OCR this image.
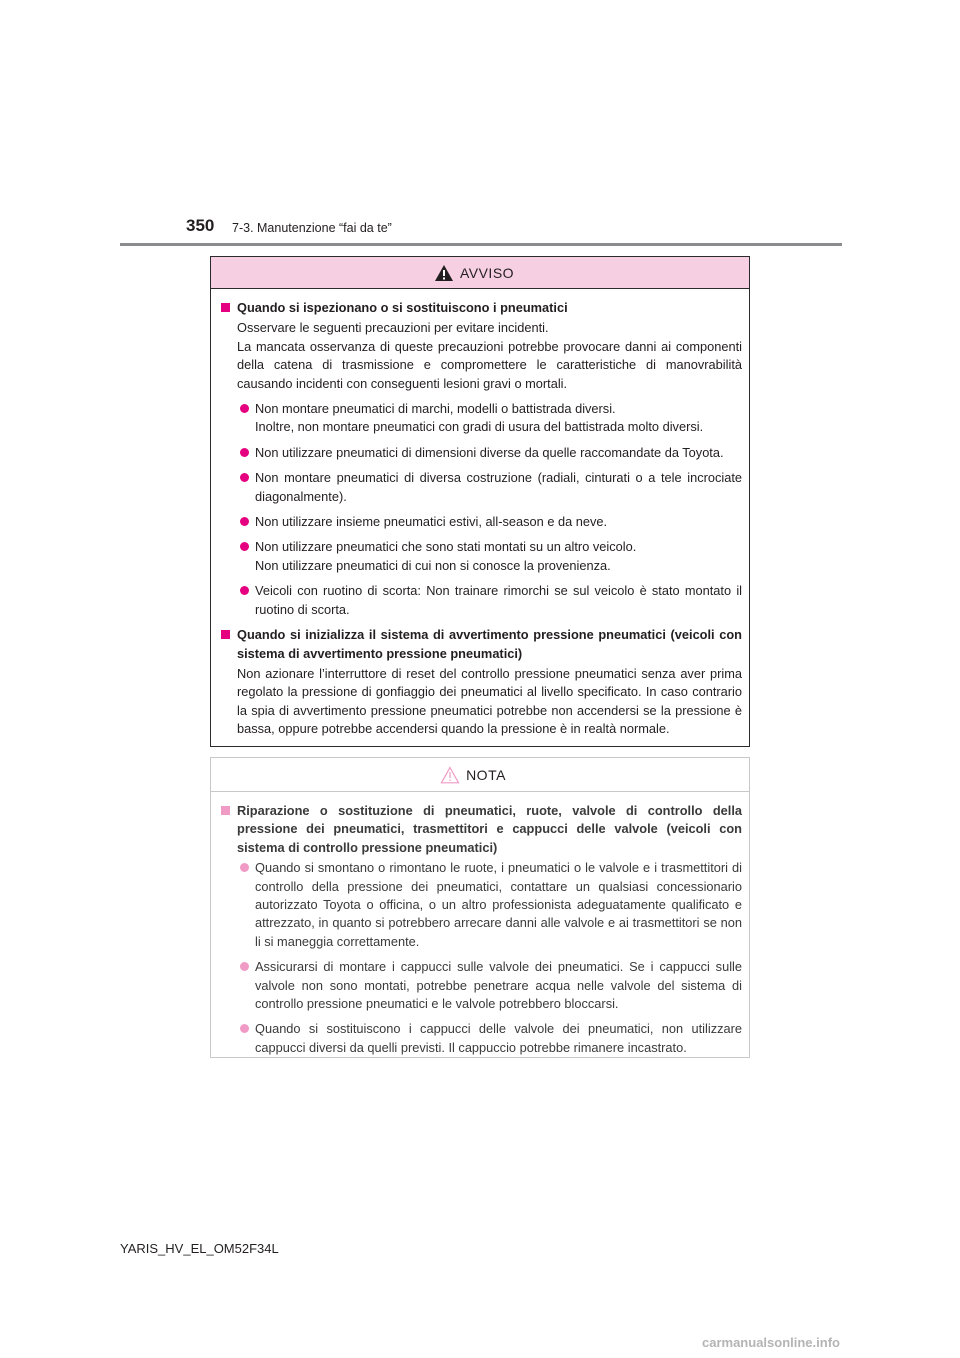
350 7-3. Manutenzione “fai da te”
AVVISO
Quando si ispezionano o si sostituiscono i pneumatici
Osservare le seguenti precauzioni per evitare incidenti.
La mancata osservanza di queste precauzioni potrebbe provocare danni ai componenti della catena di trasmissione e compromettere le caratteristiche di manovrabilità causando incidenti con conseguenti lesioni gravi o mortali.
Non montare pneumatici di marchi, modelli o battistrada diversi.
Inoltre, non montare pneumatici con gradi di usura del battistrada molto diversi.
Non utilizzare pneumatici di dimensioni diverse da quelle raccomandate da Toyota.
Non montare pneumatici di diversa costruzione (radiali, cinturati o a tele incrociate diagonalmente).
Non utilizzare insieme pneumatici estivi, all-season e da neve.
Non utilizzare pneumatici che sono stati montati su un altro veicolo.
Non utilizzare pneumatici di cui non si conosce la provenienza.
Veicoli con ruotino di scorta: Non trainare rimorchi se sul veicolo è stato montato il ruotino di scorta.
Quando si inizializza il sistema di avvertimento pressione pneumatici (veicoli con sistema di avvertimento pressione pneumatici)
Non azionare l’interruttore di reset del controllo pressione pneumatici senza aver prima regolato la pressione di gonfiaggio dei pneumatici al livello specificato. In caso contrario la spia di avvertimento pressione pneumatici potrebbe non accendersi se la pressione è bassa, oppure potrebbe accendersi quando la pressione è in realtà normale.
NOTA
Riparazione o sostituzione di pneumatici, ruote, valvole di controllo della pressione dei pneumatici, trasmettitori e cappucci delle valvole (veicoli con sistema di controllo pressione pneumatici)
Quando si smontano o rimontano le ruote, i pneumatici o le valvole e i trasmettitori di controllo della pressione dei pneumatici, contattare un qualsiasi concessionario autorizzato Toyota o officina, o un altro professionista adeguatamente qualificato e attrezzato, in quanto si potrebbero arrecare danni alle valvole e ai trasmettitori se non li si maneggia correttamente.
Assicurarsi di montare i cappucci sulle valvole dei pneumatici. Se i cappucci sulle valvole non sono montati, potrebbe penetrare acqua nelle valvole del sistema di controllo pressione pneumatici e le valvole potrebbero bloccarsi.
Quando si sostituiscono i cappucci delle valvole dei pneumatici, non utilizzare cappucci diversi da quelli previsti. Il cappuccio potrebbe rimanere incastrato.
YARIS_HV_EL_OM52F34L
carmanualsonline.info
